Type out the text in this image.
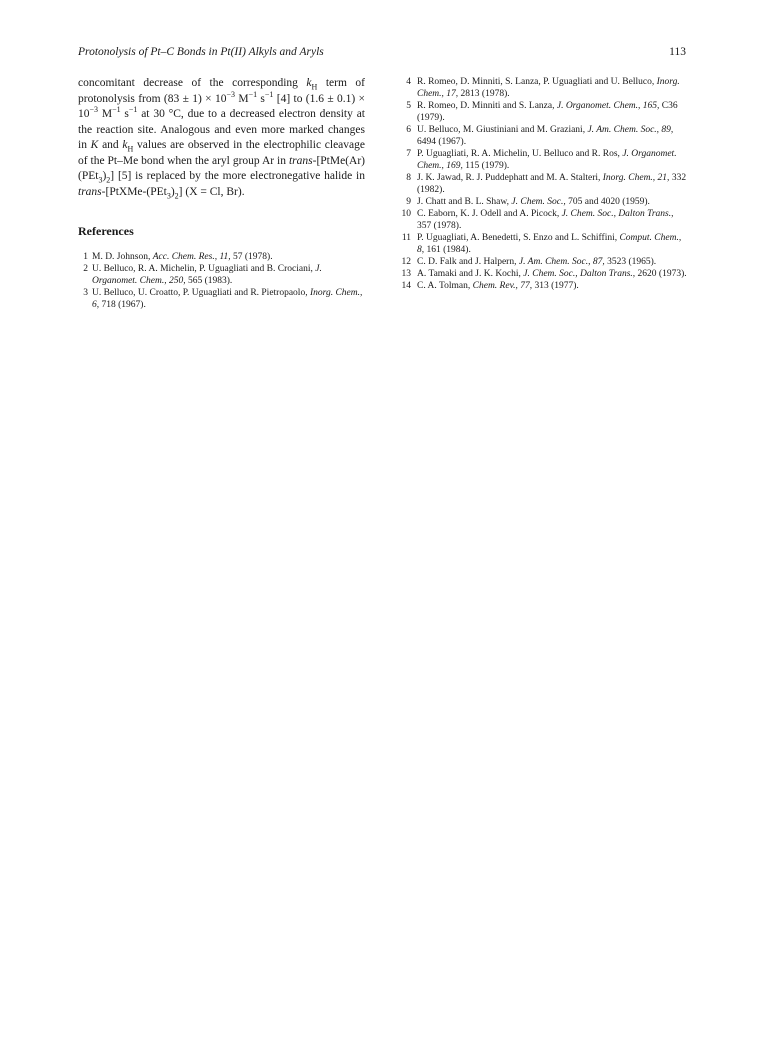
Protonolysis of Pt–C Bonds in Pt(II) Alkyls and Aryls	113

concomitant decrease of the corresponding $k_H$ term of protonolysis from $(83 \pm 1) \times 10^{-3}$ $M^{-1}$ $s^{-1}$ [4] to $(1.6 \pm 0.1) \times 10^{-3}$ $M^{-1}$ $s^{-1}$ at 30 °C, due to a decreased electron density at the reaction site. Analogous and even more marked changes in K and $k_H$ values are observed in the electrophilic cleavage of the Pt–Me bond when the aryl group Ar in trans-$[PtMe(Ar)(PEt_3)_2]$ [5] is replaced by the more electronegative halide in trans-$[PtXMe-(PEt_3)_2] (X = Cl$, Br).

References
1 M. D. Johnson, Acc. Chem. Res., 11, 57 (1978).
2 U. Belluco, R. A. Michelin, P. Uguagliati and B. Crociani, J. Organomet. Chem., 250, 565 (1983).
3 U. Belluco, U. Croatto, P. Uguagliati and R. Pietropaolo, Inorg. Chem., 6, 718 (1967).
4 R. Romeo, D. Minniti, S. Lanza, P. Uguagliati and U. Belluco, Inorg. Chem., 17, 2813 (1978).
5 R. Romeo, D. Minniti and S. Lanza, J. Organomet. Chem., 165, C36 (1979).
6 U. Belluco, M. Giustiniani and M. Graziani, J. Am. Chem. Soc., 89, 6494 (1967).
7 P. Uguagliati, R. A. Michelin, U. Belluco and R. Ros, J. Organomet. Chem., 169, 115 (1979).
8 J. K. Jawad, R. J. Puddephatt and M. A. Stalteri, Inorg. Chem., 21, 332 (1982).
9 J. Chatt and B. L. Shaw, J. Chem. Soc., 705 and 4020 (1959).
10 C. Eaborn, K. J. Odell and A. Picock, J. Chem. Soc., Dalton Trans., 357 (1978).
11 P. Uguagliati, A. Benedetti, S. Enzo and L. Schiffini, Comput. Chem., 8, 161 (1984).
12 C. D. Falk and J. Halpern, J. Am. Chem. Soc., 87, 3523 (1965).
13 A. Tamaki and J. K. Kochi, J. Chem. Soc., Dalton Trans., 2620 (1973).
14 C. A. Tolman, Chem. Rev., 77, 313 (1977).
